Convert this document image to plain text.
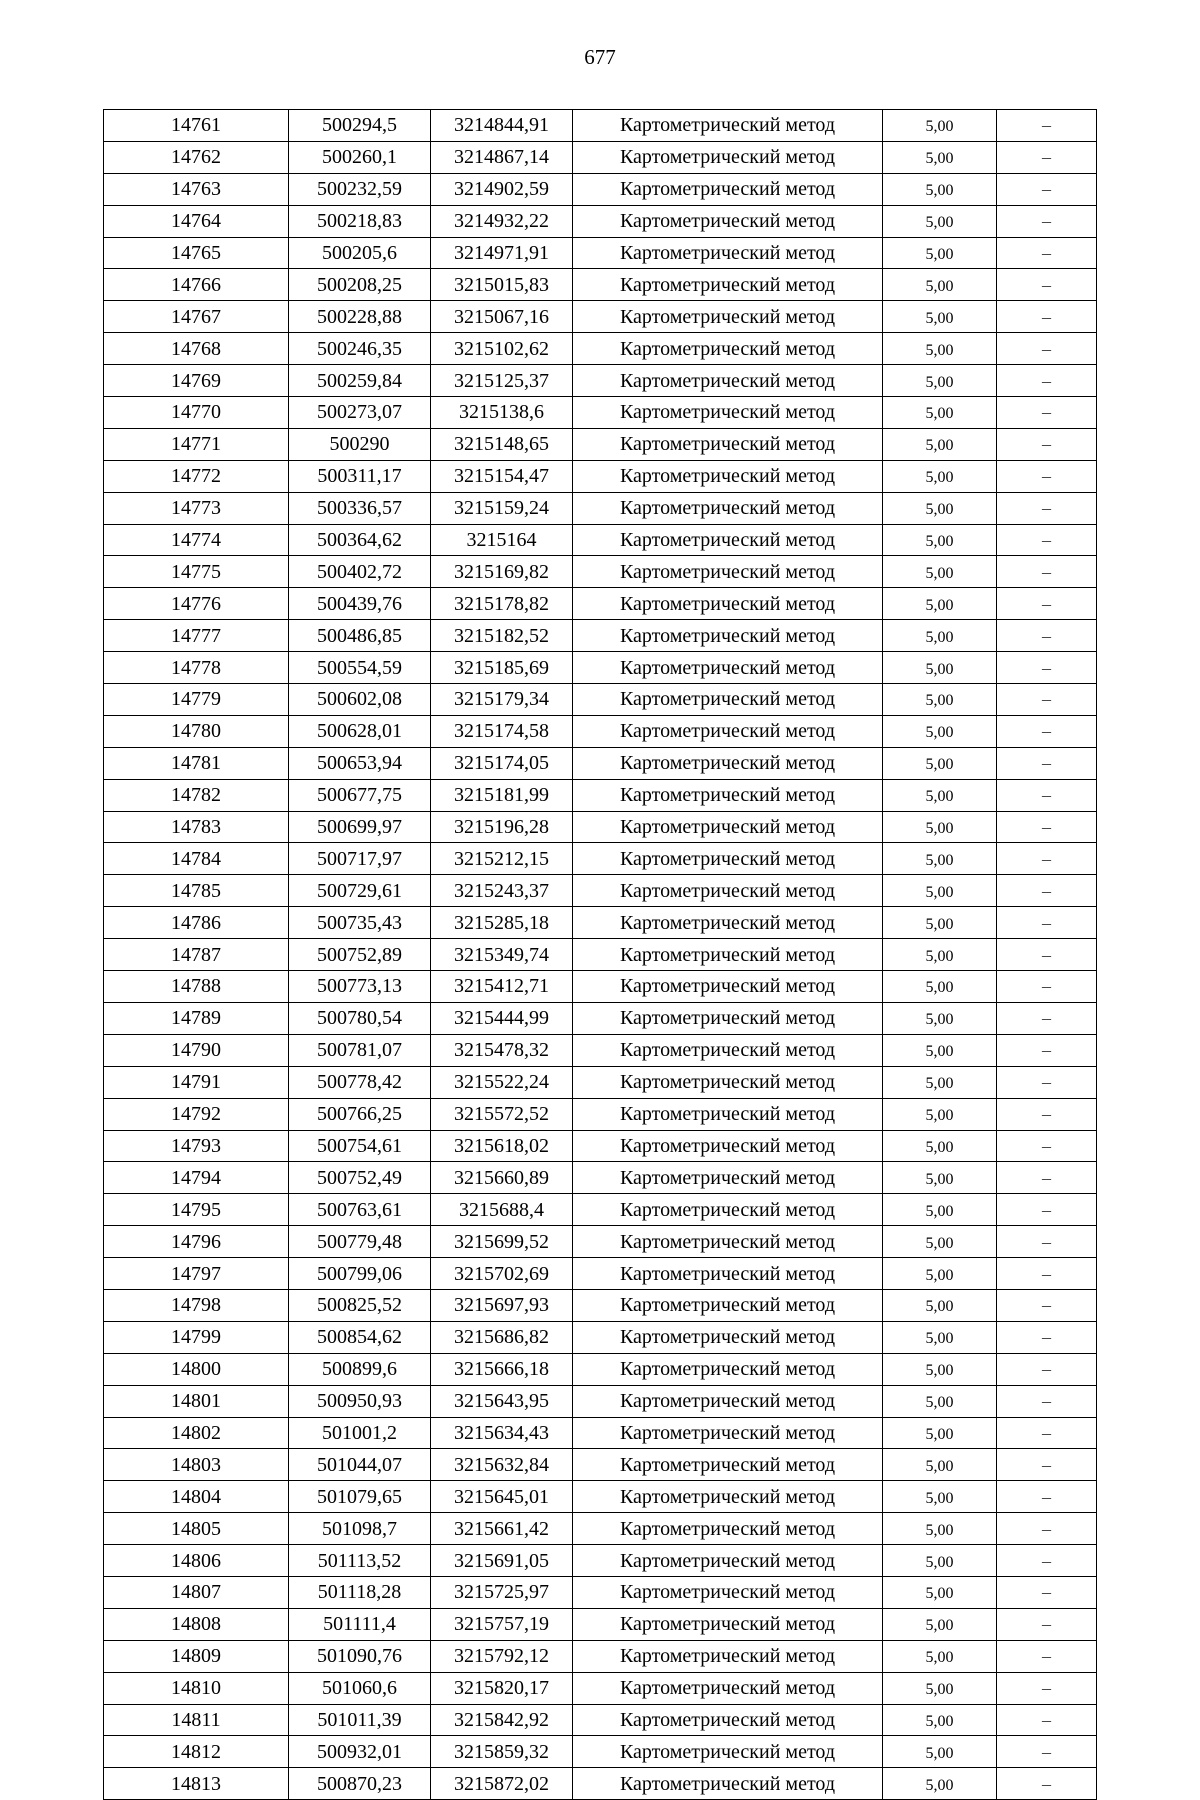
677
14761	500294,5	3214844,91	Картометрический метод	5,00	–
14762	500260,1	3214867,14	Картометрический метод	5,00	–
14763	500232,59	3214902,59	Картометрический метод	5,00	–
14764	500218,83	3214932,22	Картометрический метод	5,00	–
14765	500205,6	3214971,91	Картометрический метод	5,00	–
14766	500208,25	3215015,83	Картометрический метод	5,00	–
14767	500228,88	3215067,16	Картометрический метод	5,00	–
14768	500246,35	3215102,62	Картометрический метод	5,00	–
14769	500259,84	3215125,37	Картометрический метод	5,00	–
14770	500273,07	3215138,6	Картометрический метод	5,00	–
14771	500290	3215148,65	Картометрический метод	5,00	–
14772	500311,17	3215154,47	Картометрический метод	5,00	–
14773	500336,57	3215159,24	Картометрический метод	5,00	–
14774	500364,62	3215164	Картометрический метод	5,00	–
14775	500402,72	3215169,82	Картометрический метод	5,00	–
14776	500439,76	3215178,82	Картометрический метод	5,00	–
14777	500486,85	3215182,52	Картометрический метод	5,00	–
14778	500554,59	3215185,69	Картометрический метод	5,00	–
14779	500602,08	3215179,34	Картометрический метод	5,00	–
14780	500628,01	3215174,58	Картометрический метод	5,00	–
14781	500653,94	3215174,05	Картометрический метод	5,00	–
14782	500677,75	3215181,99	Картометрический метод	5,00	–
14783	500699,97	3215196,28	Картометрический метод	5,00	–
14784	500717,97	3215212,15	Картометрический метод	5,00	–
14785	500729,61	3215243,37	Картометрический метод	5,00	–
14786	500735,43	3215285,18	Картометрический метод	5,00	–
14787	500752,89	3215349,74	Картометрический метод	5,00	–
14788	500773,13	3215412,71	Картометрический метод	5,00	–
14789	500780,54	3215444,99	Картометрический метод	5,00	–
14790	500781,07	3215478,32	Картометрический метод	5,00	–
14791	500778,42	3215522,24	Картометрический метод	5,00	–
14792	500766,25	3215572,52	Картометрический метод	5,00	–
14793	500754,61	3215618,02	Картометрический метод	5,00	–
14794	500752,49	3215660,89	Картометрический метод	5,00	–
14795	500763,61	3215688,4	Картометрический метод	5,00	–
14796	500779,48	3215699,52	Картометрический метод	5,00	–
14797	500799,06	3215702,69	Картометрический метод	5,00	–
14798	500825,52	3215697,93	Картометрический метод	5,00	–
14799	500854,62	3215686,82	Картометрический метод	5,00	–
14800	500899,6	3215666,18	Картометрический метод	5,00	–
14801	500950,93	3215643,95	Картометрический метод	5,00	–
14802	501001,2	3215634,43	Картометрический метод	5,00	–
14803	501044,07	3215632,84	Картометрический метод	5,00	–
14804	501079,65	3215645,01	Картометрический метод	5,00	–
14805	501098,7	3215661,42	Картометрический метод	5,00	–
14806	501113,52	3215691,05	Картометрический метод	5,00	–
14807	501118,28	3215725,97	Картометрический метод	5,00	–
14808	501111,4	3215757,19	Картометрический метод	5,00	–
14809	501090,76	3215792,12	Картометрический метод	5,00	–
14810	501060,6	3215820,17	Картометрический метод	5,00	–
14811	501011,39	3215842,92	Картометрический метод	5,00	–
14812	500932,01	3215859,32	Картометрический метод	5,00	–
14813	500870,23	3215872,02	Картометрический метод	5,00	–
